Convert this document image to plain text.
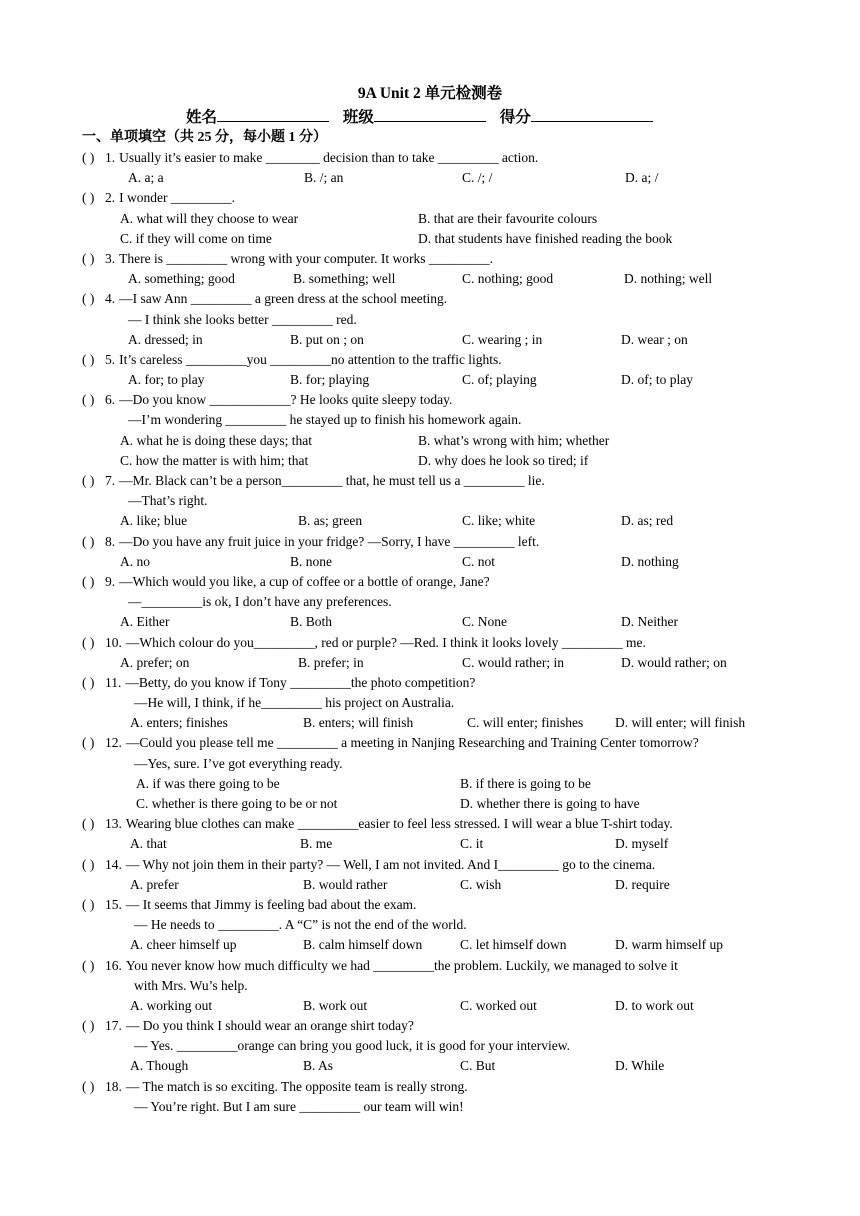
9A Unit 2 单元检测卷
姓名	班级	得分
一、单项填空（共 25 分，每小题 1 分）
( ) 1. Usually it’s easier to make ________ decision than to take _________ action.
A. a; a	B. /; an	C. /; /	D. a; /
( ) 2. I wonder _________.
A. what will they choose to wear	B. that are their favourite colours
C. if they will come on time	D. that students have finished reading the book
( ) 3. There is _________ wrong with your computer. It works _________.
A. something; good	B. something; well	C. nothing; good	D. nothing; well
( ) 4. —I saw Ann _________ a green dress at the school meeting.
— I think she looks better _________ red.
A. dressed; in	B. put on ; on	C. wearing ; in	D. wear ; on
( ) 5. It’s careless _________you _________no attention to the traffic lights.
A. for; to play	B. for; playing	C. of; playing	D. of; to play
( ) 6. —Do you know ____________? He looks quite sleepy today.
—I’m wondering _________ he stayed up to finish his homework again.
A. what he is doing these days; that	B. what’s wrong with him; whether
C. how the matter is with him; that	D. why does he look so tired; if
( ) 7. —Mr. Black can’t be a person_________ that, he must tell us a _________ lie.
—That’s right.
A. like; blue	B. as; green	C. like; white	D. as; red
( ) 8. —Do you have any fruit juice in your fridge? —Sorry, I have _________ left.
A. no	B. none	C. not	D. nothing
( ) 9. —Which would you like, a cup of coffee or a bottle of orange, Jane?
—_________is ok, I don’t have any preferences.
A. Either	B. Both	C. None	D. Neither
( ) 10. —Which colour do you_________, red or purple? —Red. I think it looks lovely _________ me.
A. prefer; on	B. prefer; in	C. would rather; in	D. would rather; on
( ) 11. —Betty, do you know if Tony _________the photo competition?
—He will, I think, if he_________ his project on Australia.
A. enters; finishes	B. enters; will finish	C. will enter; finishes D. will enter; will finish
( ) 12. —Could you please tell me _________ a meeting in Nanjing Researching and Training Center tomorrow?
—Yes, sure. I’ve got everything ready.
A. if was there going to be	B. if there is going to be
C. whether is there going to be or not	D. whether there is going to have
( ) 13. Wearing blue clothes can make _________easier to feel less stressed. I will wear a blue T-shirt today.
A. that	B. me	C. it	D. myself
( ) 14. — Why not join them in their party? — Well, I am not invited. And I_________ go to the cinema.
A. prefer	B. would rather	C. wish	D. require
( ) 15. — It seems that Jimmy is feeling bad about the exam.
— He needs to _________. A “C” is not the end of the world.
A. cheer himself up	B. calm himself down	C. let himself down	D. warm himself up
( ) 16. You never know how much difficulty we had _________the problem. Luckily, we managed to solve it
with Mrs. Wu’s help.
A. working out	B. work out	C. worked out	D. to work out
( ) 17. — Do you think I should wear an orange shirt today?
— Yes. _________orange can bring you good luck, it is good for your interview.
A. Though	B. As	C. But	D. While
( ) 18. — The match is so exciting. The opposite team is really strong.
— You’re right. But I am sure _________ our team will win!
